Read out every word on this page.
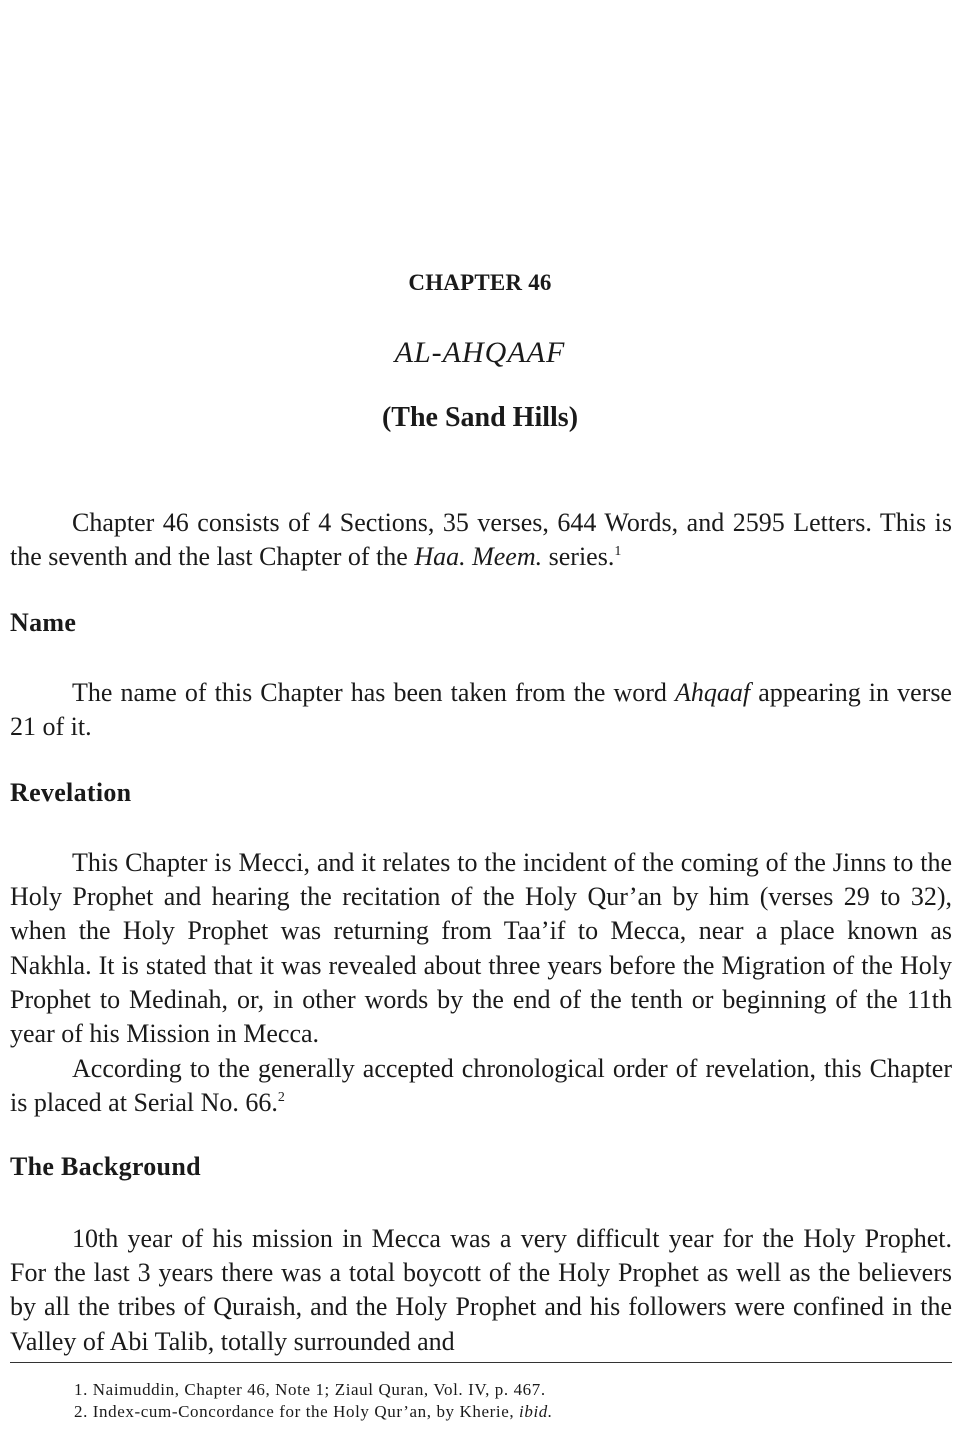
CHAPTER 46
AL-AHQAAF
(The Sand Hills)

Chapter 46 consists of 4 Sections, 35 verses, 644 Words, and 2595 Letters. This is the seventh and the last Chapter of the Haa. Meem. series.$^1$

Name

The name of this Chapter has been taken from the word Ahqaaf appearing in verse 21 of it.

Revelation

This Chapter is Mecci, and it relates to the incident of the coming of the Jinns to the Holy Prophet and hearing the recitation of the Holy Qur’an by him (verses 29 to 32), when the Holy Prophet was returning from Taa’if to Mecca, near a place known as Nakhla. It is stated that it was revealed about three years before the Migration of the Holy Prophet to Medinah, or, in other words by the end of the tenth or beginning of the 11th year of his Mission in Mecca.

According to the generally accepted chronological order of revelation, this Chapter is placed at Serial No. 66.$^2$

The Background

10th year of his mission in Mecca was a very difficult year for the Holy Prophet. For the last 3 years there was a total boycott of the Holy Prophet as well as the believers by all the tribes of Quraish, and the Holy Prophet and his followers were confined in the Valley of Abi Talib, totally surrounded and

1. Naimuddin, Chapter 46, Note 1; Ziaul Quran, Vol. IV, p. 467.

2. Index-cum-Concordance for the Holy Qur’an, by Kherie, ibid.
